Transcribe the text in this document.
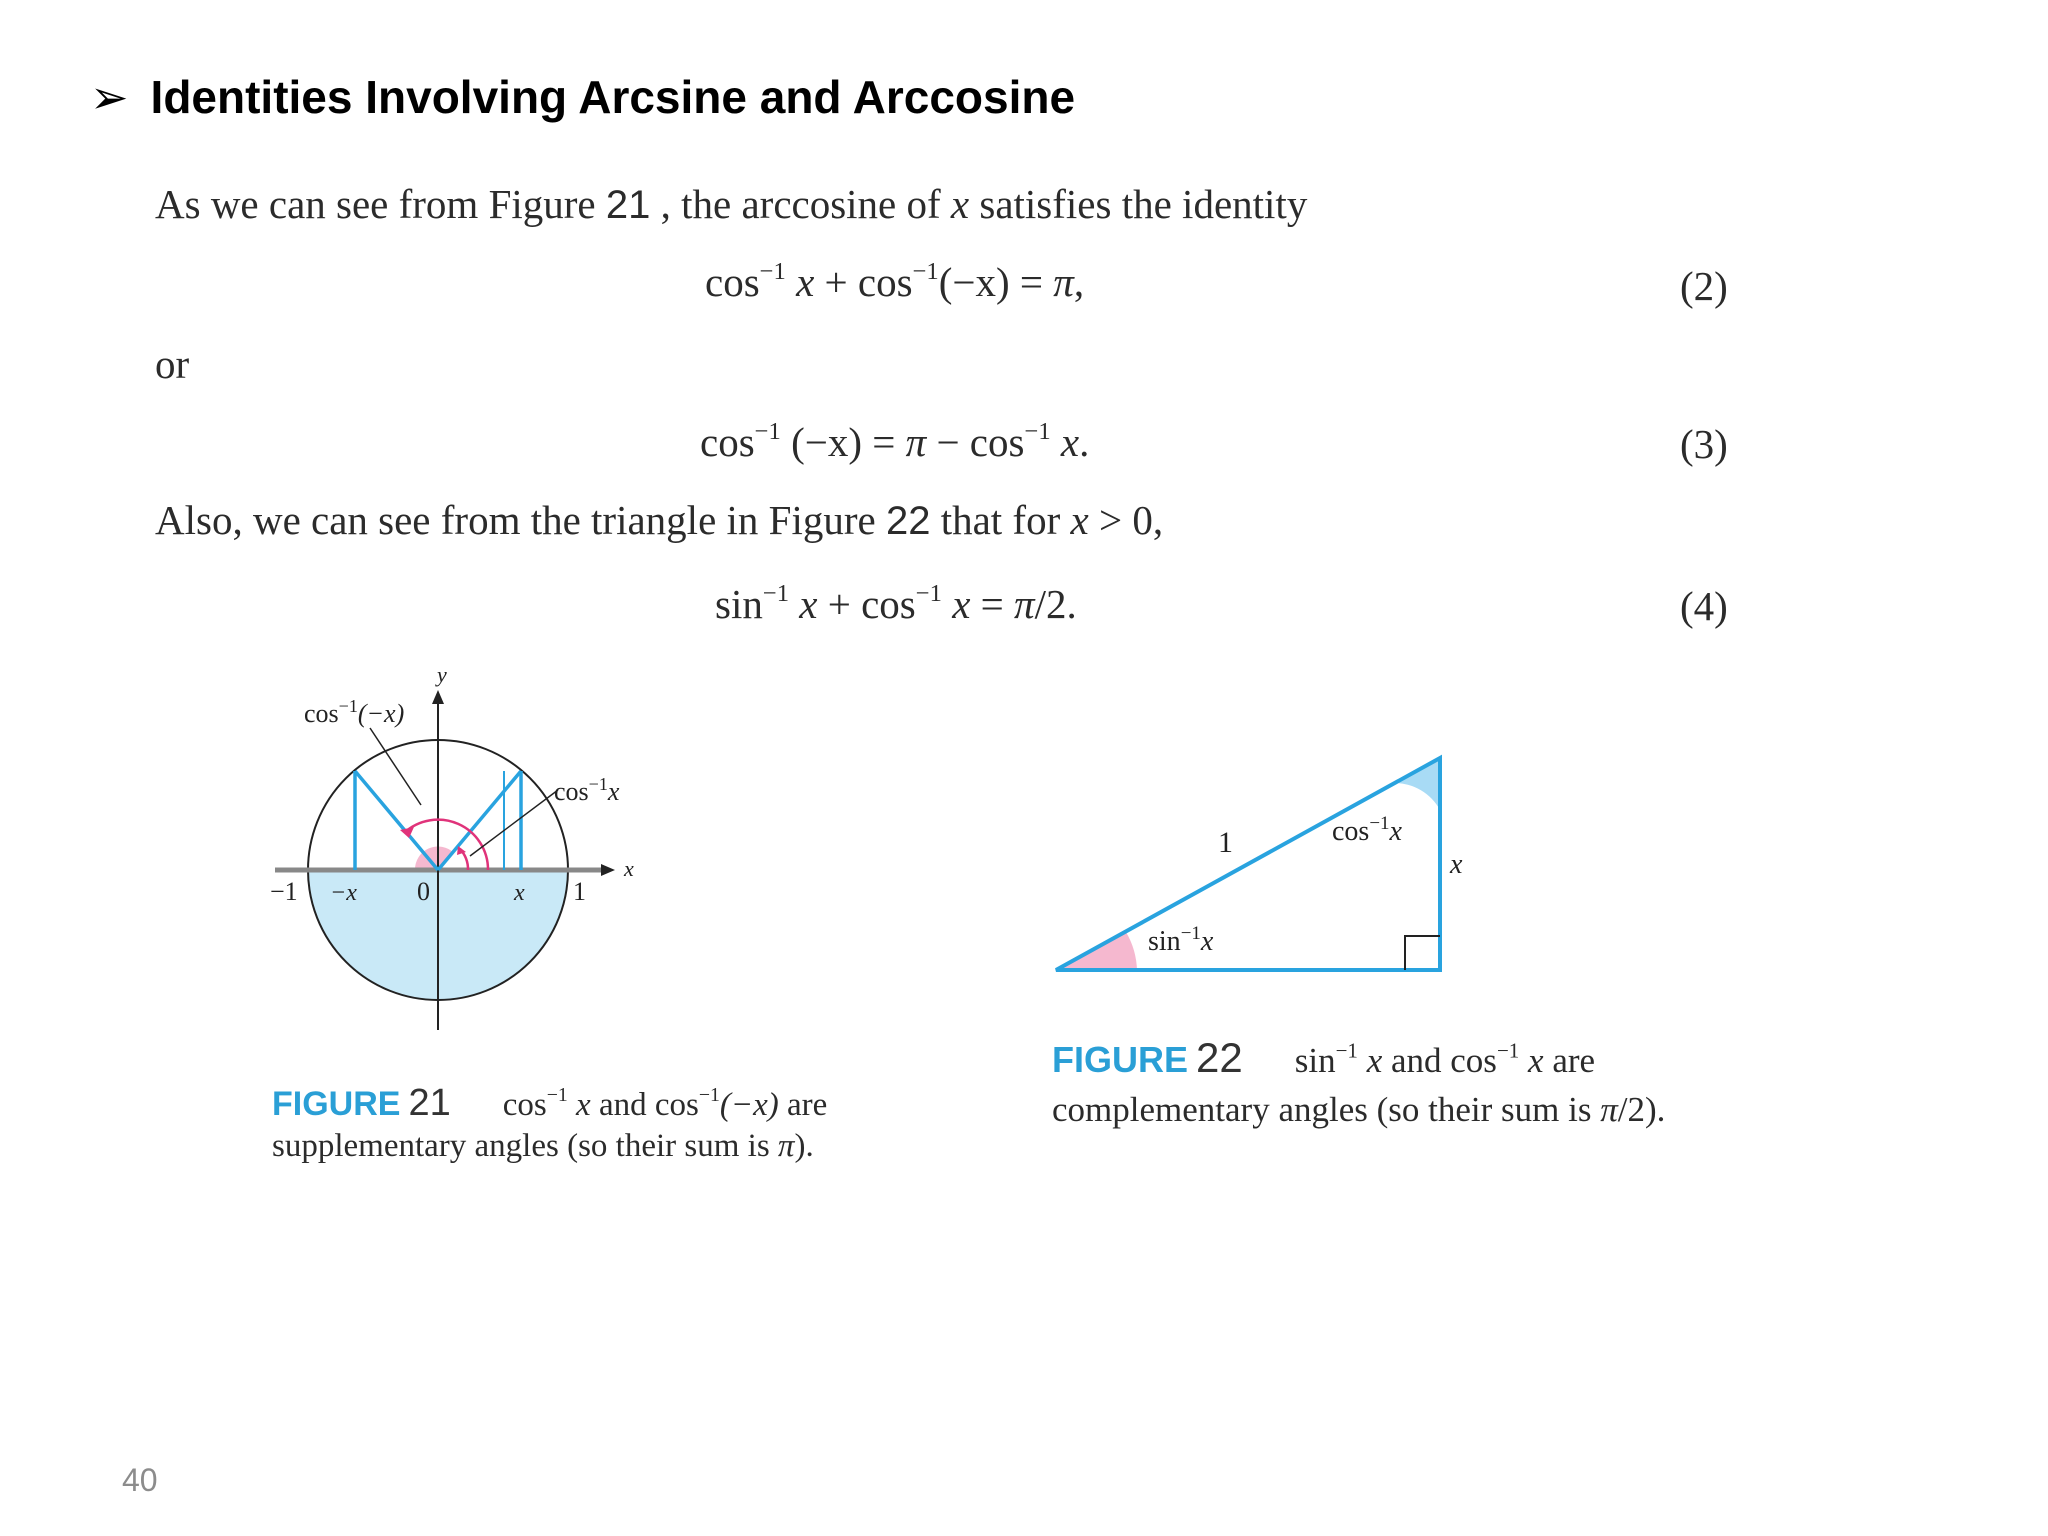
➢ Identities Involving Arcsine and Arccosine
As we can see from Figure 21 , the arccosine of x satisfies the identity
$\cos^{-1} x + \cos^{-1}(-x) = \pi$,	(2)
or
$\cos^{-1} (-x) = \pi - \cos^{-1} x$.	(3)
Also, we can see from the triangle in Figure 22 that for x > 0,
$\sin^{-1} x + \cos^{-1} x = \pi/2$.	(4)
y
x
$\cos^{-1}(-x)$
$\cos^{-1}x$
−1 −x 0	x 1
FIGURE 21 $\cos^{-1} x$ and $\cos^{-1}(-x)$ are
supplementary angles (so their sum is π).
1
x
$\cos^{-1}x$
$\sin^{-1}x$
FIGURE 22 $\sin^{-1} x$ and $\cos^{-1} x$ are
complementary angles (so their sum is π/2).
40
